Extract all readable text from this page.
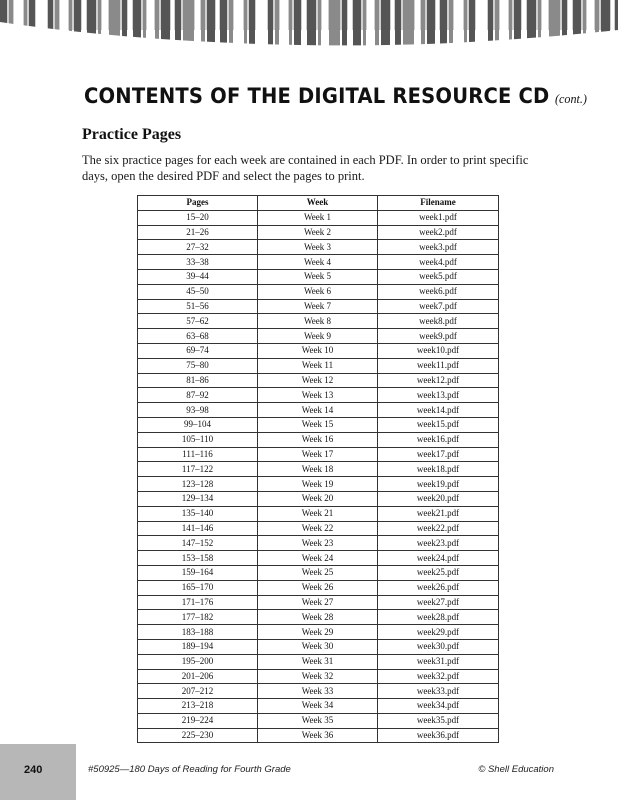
CONTENTS OF THE DIGITAL RESOURCE CD (cont.)
Practice Pages

The six practice pages for each week are contained in each PDF. In order to print specific days, open the desired PDF and select the pages to print.

Pages	Week	Filename
15–20	Week 1	week1.pdf
21–26	Week 2	week2.pdf
27–32	Week 3	week3.pdf
33–38	Week 4	week4.pdf
39–44	Week 5	week5.pdf
45–50	Week 6	week6.pdf
51–56	Week 7	week7.pdf
57–62	Week 8	week8.pdf
63–68	Week 9	week9.pdf
69–74	Week 10	week10.pdf
75–80	Week 11	week11.pdf
81–86	Week 12	week12.pdf
87–92	Week 13	week13.pdf
93–98	Week 14	week14.pdf
99–104	Week 15	week15.pdf
105–110	Week 16	week16.pdf
111–116	Week 17	week17.pdf
117–122	Week 18	week18.pdf
123–128	Week 19	week19.pdf
129–134	Week 20	week20.pdf
135–140	Week 21	week21.pdf
141–146	Week 22	week22.pdf
147–152	Week 23	week23.pdf
153–158	Week 24	week24.pdf
159–164	Week 25	week25.pdf
165–170	Week 26	week26.pdf
171–176	Week 27	week27.pdf
177–182	Week 28	week28.pdf
183–188	Week 29	week29.pdf
189–194	Week 30	week30.pdf
195–200	Week 31	week31.pdf
201–206	Week 32	week32.pdf
207–212	Week 33	week33.pdf
213–218	Week 34	week34.pdf
219–224	Week 35	week35.pdf
225–230	Week 36	week36.pdf

240	#50925—180 Days of Reading for Fourth Grade	© Shell Education
